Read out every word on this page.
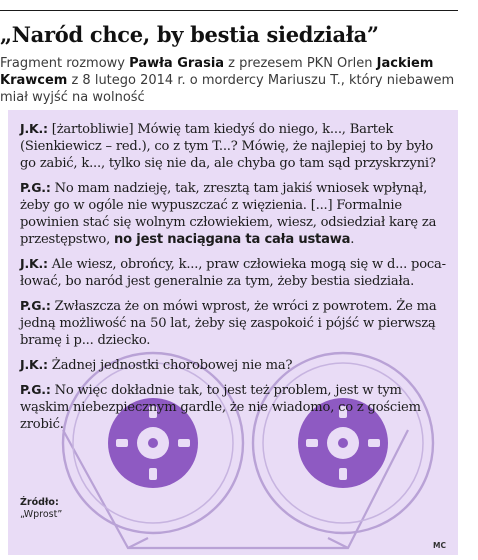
„Naród chce, by bestia siedziała”

Fragment rozmowy Pawła Grasia z prezesem PKN Orlen Jackiem Krawcem z 8 lutego 2014 r. o mordercy Mariuszu T., który niebawem miał wyjść na wolność

J.K.: [żartobliwie] Mówię tam kiedyś do niego, k..., Bartek (Sienkiewicz – red.), co z tym T...? Mówię, że najlepiej to by było go zabić, k..., tylko się nie da, ale chyba go tam sąd przyskrzyni?

P.G.: No mam nadzieję, tak, zresztą tam jakiś wniosek wpłynął, żeby go w ogóle nie wypuszczać z więzienia. [...] Formalnie powinien stać się wolnym człowiekiem, wiesz, odsiedział karę za przestępstwo, no jest naciągana ta cała ustawa.

J.K.: Ale wiesz, obrońcy, k..., praw człowieka mogą się w d... poca-łować, bo naród jest generalnie za tym, żeby bestia siedziała.

P.G.: Zwłaszcza że on mówi wprost, że wróci z powrotem. Że ma jedną możliwość na 50 lat, żeby się zaspokoić i pójść w pierwszą bramę i p... dziecko.

J.K.: Żadnej jednostki chorobowej nie ma?

P.G.: No więc dokładnie tak, to jest też problem, jest w tym wąskim niebezpiecznym gardle, że nie wiadomo, co z gościem zrobić.

Źródło:
„Wprost”
MC
